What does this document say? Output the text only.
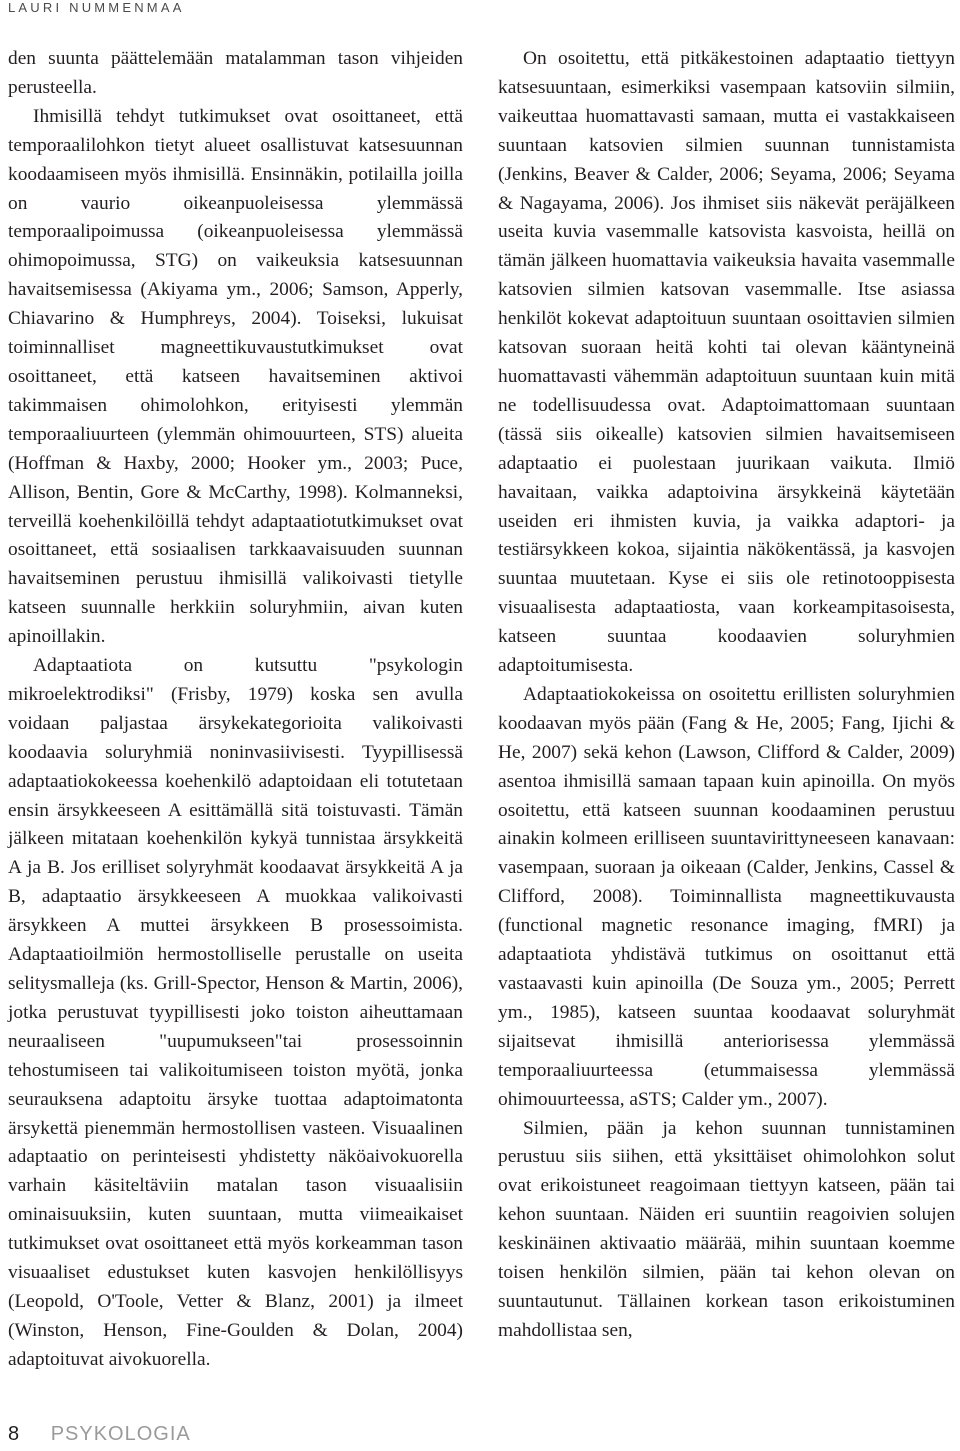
LAURI NUMMENMAA

den suunta päättelemään matalamman tason vihjeiden perusteella.

Ihmisillä tehdyt tutkimukset ovat osoittaneet, että temporaalilohkon tietyt alueet osallistuvat katsesuunnan koodaamiseen myös ihmisillä. Ensinnäkin, potilailla joilla on vaurio oikeanpuoleisessa ylemmässä temporaalipoimussa (oikeanpuoleisessa ylemmässä ohimopoimussa, STG) on vaikeuksia katsesuunnan havaitsemisessa (Akiyama ym., 2006; Samson, Apperly, Chiavarino & Humphreys, 2004). Toiseksi, lukuisat toiminnalliset magneettikuvaustutkimukset ovat osoittaneet, että katseen havaitseminen aktivoi takimmaisen ohimolohkon, erityisesti ylemmän temporaaliuurteen (ylemmän ohimouurteen, STS) alueita (Hoffman & Haxby, 2000; Hooker ym., 2003; Puce, Allison, Bentin, Gore & McCarthy, 1998). Kolmanneksi, terveillä koehenkilöillä tehdyt adaptaatiotutkimukset ovat osoittaneet, että sosiaalisen tarkkaavaisuuden suunnan havaitseminen perustuu ihmisillä valikoivasti tietylle katseen suunnalle herkkiin soluryhmiin, aivan kuten apinoillakin.

Adaptaatiota on kutsuttu "psykologin mikroelektrodiksi" (Frisby, 1979) koska sen avulla voidaan paljastaa ärsykekategorioita valikoivasti koodaavia soluryhmiä noninvasiivisesti. Tyypillisessä adaptaatiokokeessa koehenkilö adaptoidaan eli totutetaan ensin ärsykkeeseen A esittämällä sitä toistuvasti. Tämän jälkeen mitataan koehenkilön kykyä tunnistaa ärsykkeitä A ja B. Jos erilliset solyryhmät koodaavat ärsykkeitä A ja B, adaptaatio ärsykkeeseen A muokkaa valikoivasti ärsykkeen A muttei ärsykkeen B prosessoimista. Adaptaatioilmiön hermostolliselle perustalle on useita selitysmalleja (ks. Grill-Spector, Henson & Martin, 2006), jotka perustuvat tyypillisesti joko toiston aiheuttamaan neuraaliseen "uupumukseen"tai prosessoinnin tehostumiseen tai valikoitumiseen toiston myötä, jonka seurauksena adaptoitu ärsyke tuottaa adaptoimatonta ärsykettä pienemmän hermostollisen vasteen. Visuaalinen adaptaatio on perinteisesti yhdistetty näköaivokuorella varhain käsiteltäviin matalan tason visuaalisiin ominaisuuksiin, kuten suuntaan, mutta viimeaikaiset tutkimukset ovat osoittaneet että myös korkeamman tason visuaaliset edustukset kuten kasvojen henkilöllisyys (Leopold, O'Toole, Vetter & Blanz, 2001) ja ilmeet (Winston, Henson, Fine-Goulden & Dolan, 2004) adaptoituvat aivokuorella.

On osoitettu, että pitkäkestoinen adaptaatio tiettyyn katsesuuntaan, esimerkiksi vasempaan katsoviin silmiin, vaikeuttaa huomattavasti samaan, mutta ei vastakkaiseen suuntaan katsovien silmien suunnan tunnistamista (Jenkins, Beaver & Calder, 2006; Seyama, 2006; Seyama & Nagayama, 2006). Jos ihmiset siis näkevät peräjälkeen useita kuvia vasemmalle katsovista kasvoista, heillä on tämän jälkeen huomattavia vaikeuksia havaita vasemmalle katsovien silmien katsovan vasemmalle. Itse asiassa henkilöt kokevat adaptoituun suuntaan osoittavien silmien katsovan suoraan heitä kohti tai olevan kääntyneinä huomattavasti vähemmän adaptoituun suuntaan kuin mitä ne todellisuudessa ovat. Adaptoimattomaan suuntaan (tässä siis oikealle) katsovien silmien havaitsemiseen adaptaatio ei puolestaan juurikaan vaikuta. Ilmiö havaitaan, vaikka adaptoivina ärsykkeinä käytetään useiden eri ihmisten kuvia, ja vaikka adaptori- ja testiärsykkeen kokoa, sijaintia näkökentässä, ja kasvojen suuntaa muutetaan. Kyse ei siis ole retinotooppisesta visuaalisesta adaptaatiosta, vaan korkeampitasoisesta, katseen suuntaa koodaavien soluryhmien adaptoitumisesta.

Adaptaatiokokeissa on osoitettu erillisten soluryhmien koodaavan myös pään (Fang & He, 2005; Fang, Ijichi & He, 2007) sekä kehon (Lawson, Clifford & Calder, 2009) asentoa ihmisillä samaan tapaan kuin apinoilla. On myös osoitettu, että katseen suunnan koodaaminen perustuu ainakin kolmeen erilliseen suuntavirittyneeseen kanavaan: vasempaan, suoraan ja oikeaan (Calder, Jenkins, Cassel & Clifford, 2008). Toiminnallista magneettikuvausta (functional magnetic resonance imaging, fMRI) ja adaptaatiota yhdistävä tutkimus on osoittanut että vastaavasti kuin apinoilla (De Souza ym., 2005; Perrett ym., 1985), katseen suuntaa koodaavat soluryhmät sijaitsevat ihmisillä anteriorisessa ylemmässä temporaaliuurteessa (etummaisessa ylemmässä ohimouurteessa, aSTS; Calder ym., 2007).

Silmien, pään ja kehon suunnan tunnistaminen perustuu siis siihen, että yksittäiset ohimolohkon solut ovat erikoistuneet reagoimaan tiettyyn katseen, pään tai kehon suuntaan. Näiden eri suuntiin reagoivien solujen keskinäinen aktivaatio määrää, mihin suuntaan koemme toisen henkilön silmien, pään tai kehon olevan on suuntautunut. Tällainen korkean tason erikoistuminen mahdollistaa sen,

8 PSYKOLOGIA
